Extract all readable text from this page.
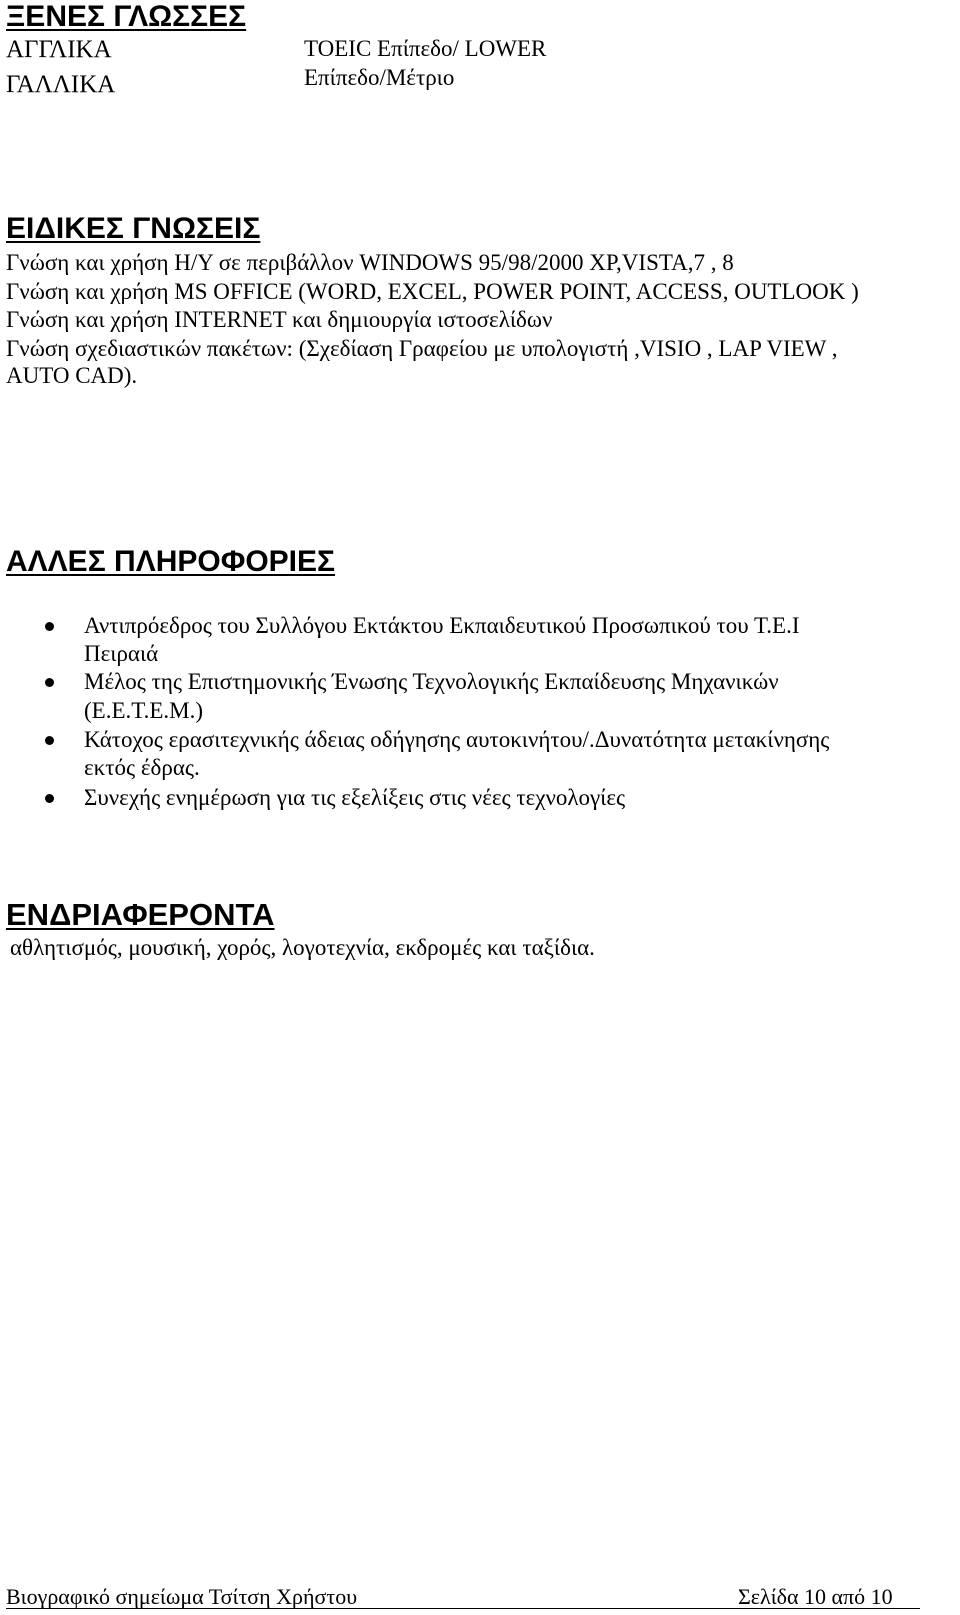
ΞΕΝΕΣ ΓΛΩΣΣΕΣ
ΑΓΓΛΙΚΑ	TOEIC Επίπεδο/ LOWER
ΓΑΛΛΙΚΑ	Επίπεδο/Μέτριο
ΕΙΔΙΚΕΣ ΓΝΩΣΕΙΣ
Γνώση και χρήση Η/Υ σε περιβάλλον WINDOWS 95/98/2000 XP,VISTA,7 , 8
Γνώση και χρήση MS OFFICE (WORD, EXCEL, POWER POINT, ACCESS, OUTLOOK )
Γνώση και χρήση INTERNET και δημιουργία ιστοσελίδων
Γνώση σχεδιαστικών πακέτων: (Σχεδίαση Γραφείου με υπολογιστή ,VISIO , LAP VIEW ,
AUTO CAD).
ΑΛΛΕΣ ΠΛΗΡΟΦΟΡΙΕΣ
Αντιπρόεδρος του Συλλόγου Εκτάκτου Εκπαιδευτικού Προσωπικού του Τ.Ε.Ι
Πειραιά
Μέλος της Επιστημονικής Ένωσης Τεχνολογικής Εκπαίδευσης Μηχανικών
(Ε.Ε.Τ.Ε.Μ.)
Κάτοχος ερασιτεχνικής άδειας οδήγησης αυτοκινήτου/.Δυνατότητα μετακίνησης
εκτός έδρας.
Συνεχής ενημέρωση για τις εξελίξεις στις νέες τεχνολογίες
ΕΝΔΡΙΑΦΕΡΟΝΤΑ
αθλητισμός, μουσική, χορός, λογοτεχνία, εκδρομές και ταξίδια.
Βιογραφικό σημείωμα Τσίτση Χρήστου	Σελίδα 10 από 10
